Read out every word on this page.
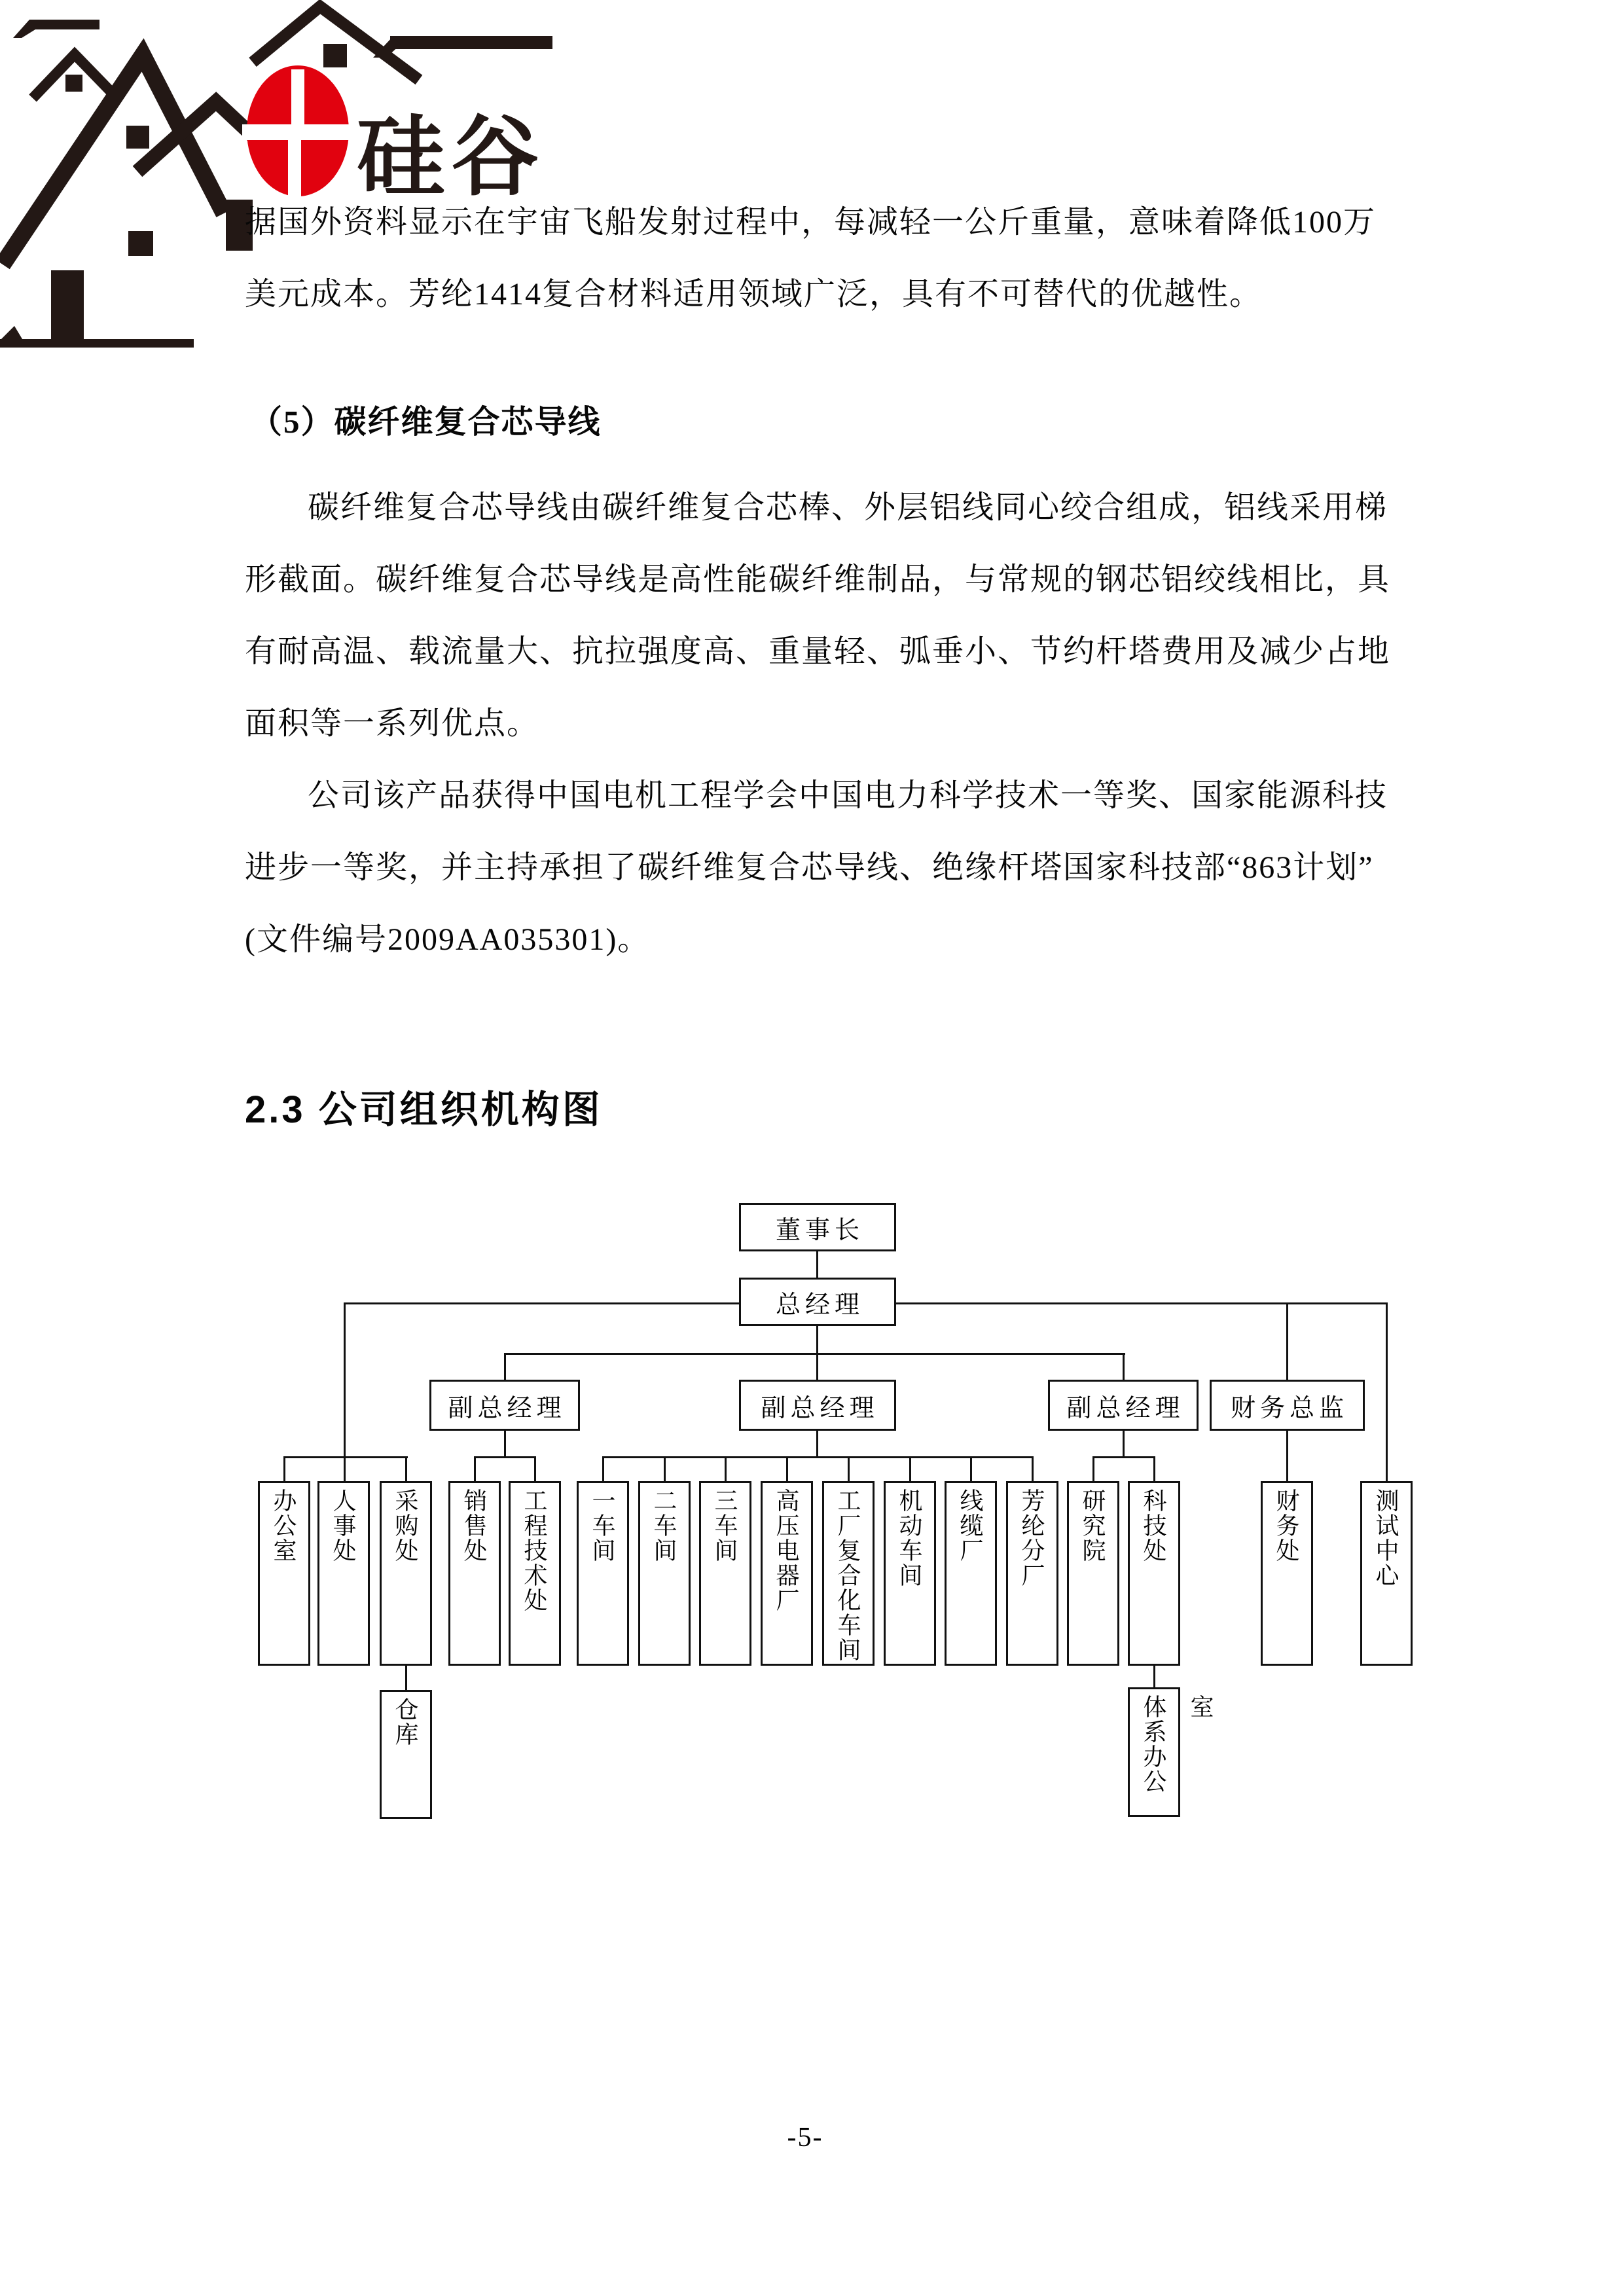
硅谷
据国外资料显示在宇宙飞船发射过程中，每减轻一公斤重量，意味着降低100万
美元成本。芳纶1414复合材料适用领域广泛，具有不可替代的优越性。
（5）碳纤维复合芯导线
碳纤维复合芯导线由碳纤维复合芯棒、外层铝线同心绞合组成，铝线采用梯
形截面。碳纤维复合芯导线是高性能碳纤维制品，与常规的钢芯铝绞线相比，具
有耐高温、载流量大、抗拉强度高、重量轻、弧垂小、节约杆塔费用及减少占地
面积等一系列优点。
公司该产品获得中国电机工程学会中国电力科学技术一等奖、国家能源科技
进步一等奖，并主持承担了碳纤维复合芯导线、绝缘杆塔国家科技部“863计划”
(文件编号2009AA035301)。
2.3 公司组织机构图
董事长
总经理
副总经理	副总经理	副总经理	财务总监
办公室	人事处	采购处	销售处	工程技术处	一车间	二车间	三车间	高压电器厂	工厂复合化车间	机动车间	线缆厂	芳纶分厂	研究院	科技处	财务处	测试中心
仓库	体系办公室
-5-
